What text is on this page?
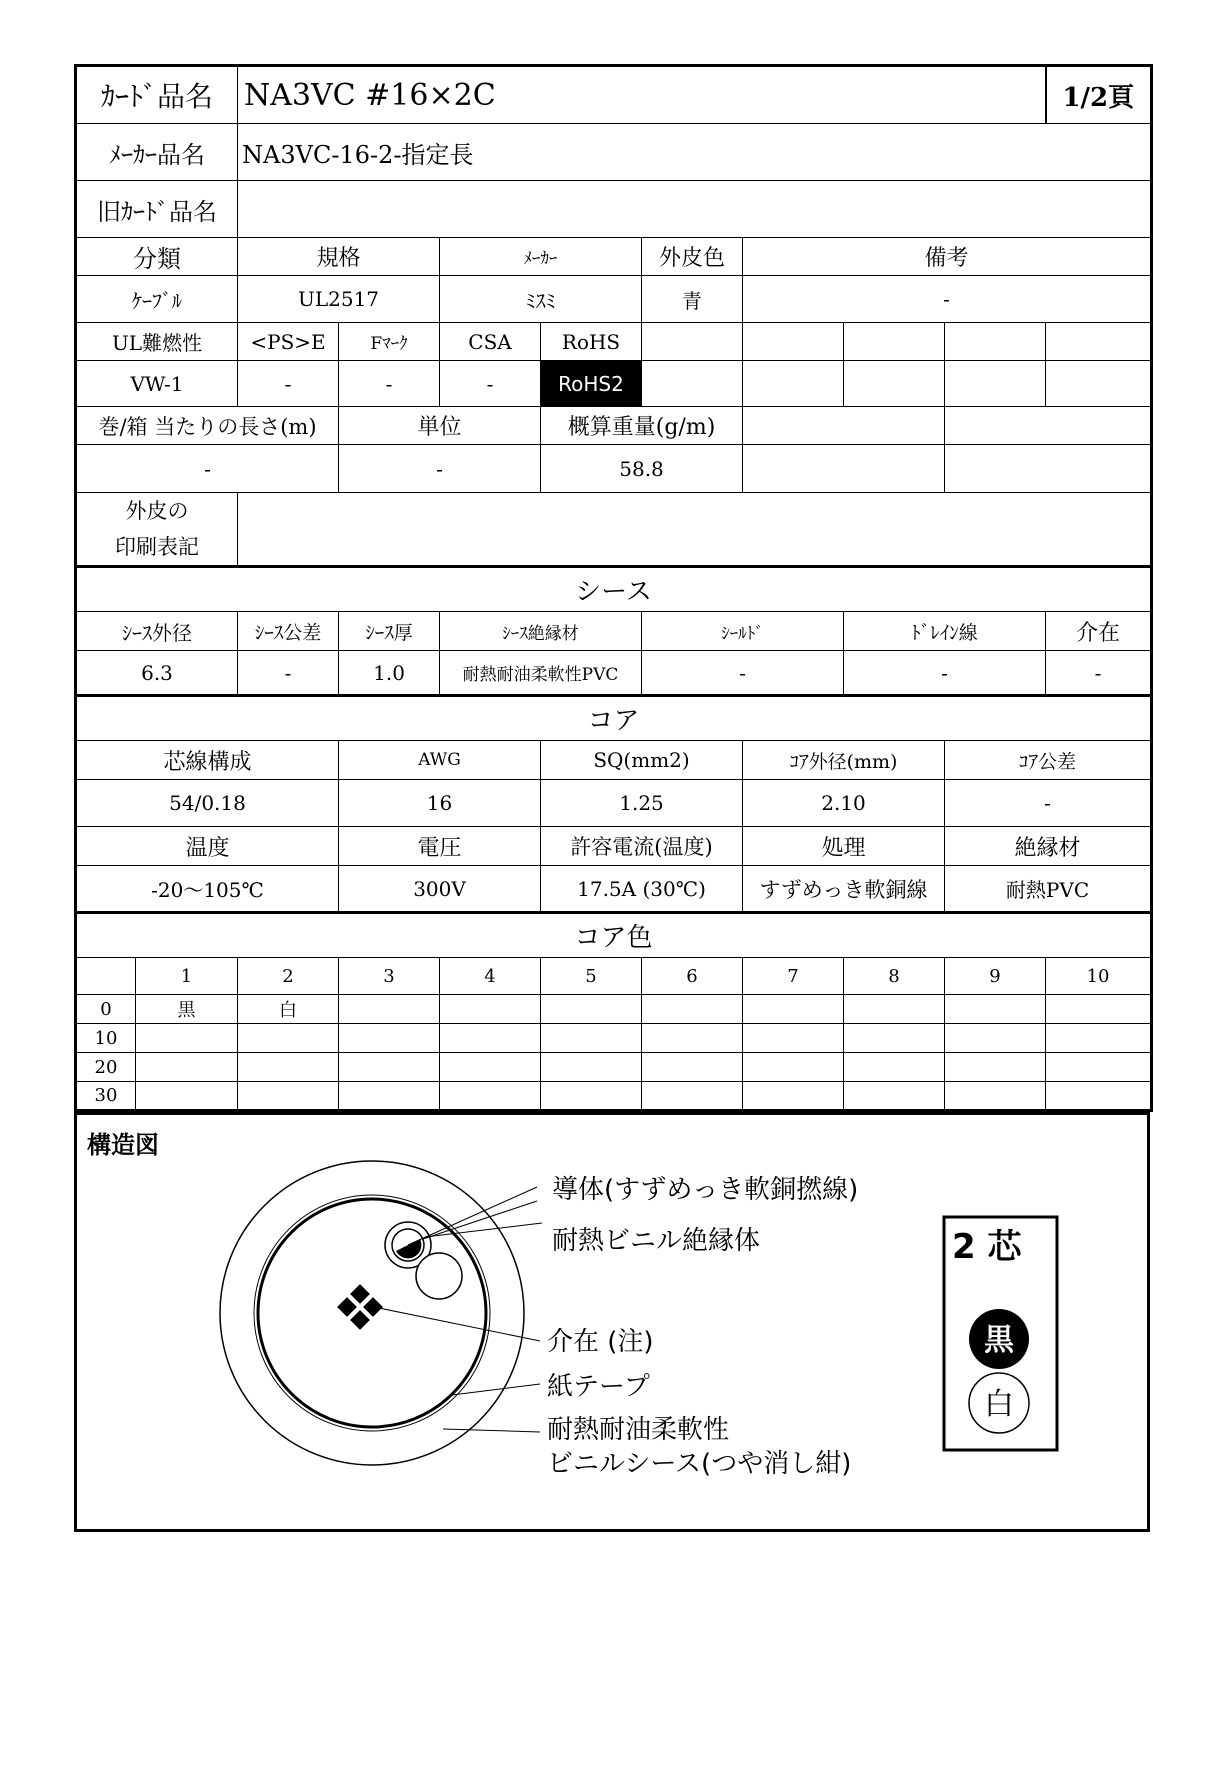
ｶｰﾄﾞ品名		NA3VC #16×2C								1/2頁
ﾒｰｶｰ品名		NA3VC-16-2-指定長								
旧ｶｰﾄﾞ品名										
分類		規格		ﾒｰｶｰ		外皮色	備考			
ｹｰﾌﾞﾙ		UL2517		ﾐｽﾐ		青	-			
UL難燃性		<PS>E	Fﾏｰｸ	CSA	RoHS					
VW-1		-	-	-	RoHS2					
巻/箱 当たりの長さ(m)			単位		概算重量(g/m)					
-			-		58.8					

外皮の
印刷表記										

シース										
ｼｰｽ外径		ｼｰｽ公差	ｼｰｽ厚	ｼｰｽ絶縁材		ｼｰﾙﾄﾞ		ﾄﾞﾚｲﾝ線		介在
6.3		-	1.0	耐熱耐油柔軟性PVC		-		-		-
コア										
芯線構成			AWG		SQ(mm2)		ｺｱ外径(mm)		ｺｱ公差	
54/0.18			16		1.25		2.10		-	
温度			電圧		許容電流(温度)		処理		絶縁材	
-20～105℃			300V		17.5A (30℃)		すずめっき軟銅線		耐熱PVC	
コア色										
	1	2	3	4	5	6	7	8	9	10
0	黒	白								
10										
20										
30										
構造図
導体(すずめっき軟銅撚線)
耐熱ビニル絶縁体
介在 (注)
紙テープ
耐熱耐油柔軟性
ビニルシース(つや消し紺)
2 芯
黒
白
